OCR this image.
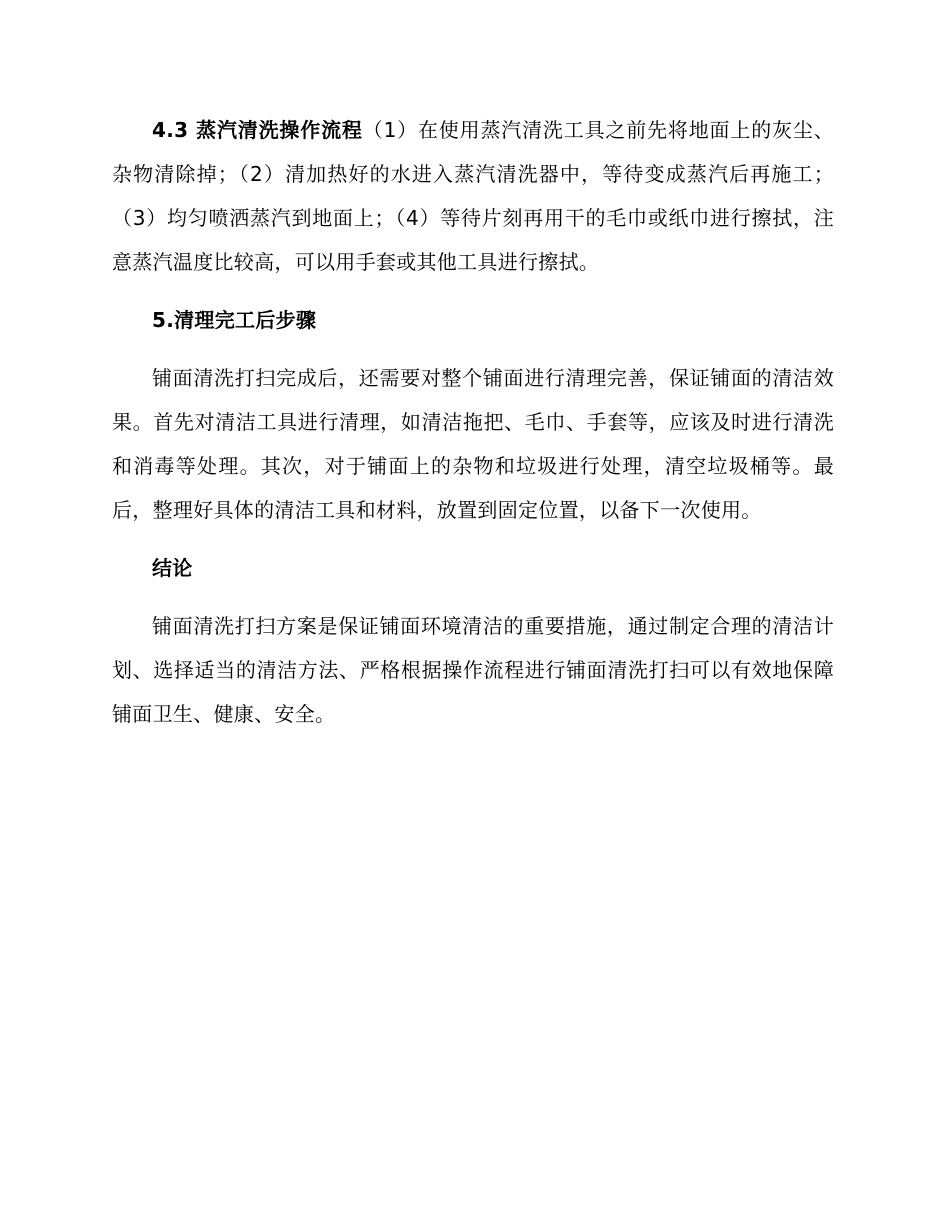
4.3 蒸汽清洗操作流程（1）在使用蒸汽清洗工具之前先将地面上的灰尘、杂物清除掉；（2）清加热好的水进入蒸汽清洗器中，等待变成蒸汽后再施工；（3）均匀喷洒蒸汽到地面上；（4）等待片刻再用干的毛巾或纸巾进行擦拭，注意蒸汽温度比较高，可以用手套或其他工具进行擦拭。

5.清理完工后步骤

铺面清洗打扫完成后，还需要对整个铺面进行清理完善，保证铺面的清洁效果。首先对清洁工具进行清理，如清洁拖把、毛巾、手套等，应该及时进行清洗和消毒等处理。其次，对于铺面上的杂物和垃圾进行处理，清空垃圾桶等。最后，整理好具体的清洁工具和材料，放置到固定位置，以备下一次使用。

结论

铺面清洗打扫方案是保证铺面环境清洁的重要措施，通过制定合理的清洁计划、选择适当的清洁方法、严格根据操作流程进行铺面清洗打扫可以有效地保障铺面卫生、健康、安全。
